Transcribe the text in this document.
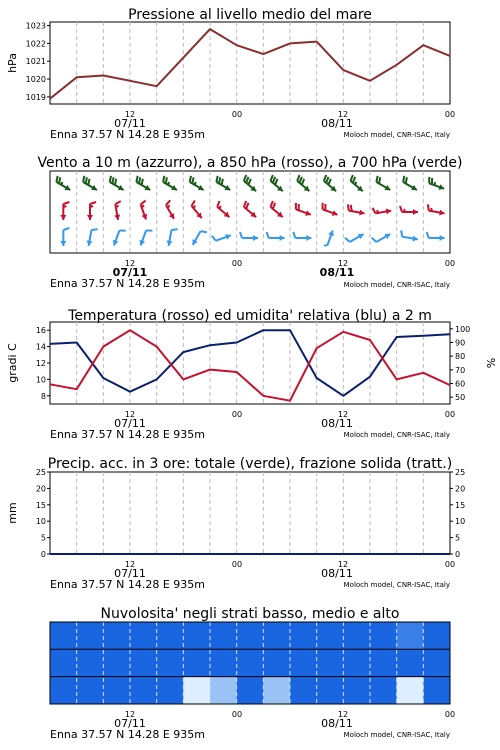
Pressione al livello medio del mare
1019
1020
1021
1022
1023
hPa
12	00	12	00
07/11	08/11
Enna 37.57 N 14.28 E 935m	Moloch model, CNR-ISAC, Italy
Vento a 10 m (azzurro), a 850 hPa (rosso), a 700 hPa (verde)
12	00	12	00
07/11	08/11
Enna 37.57 N 14.28 E 935m	Moloch model, CNR-ISAC, Italy
Temperatura (rosso) ed umidita' relativa (blu) a 2 m
8
10
12
14
16
50
60
70
80
90
100
gradi C	%
12	00	12	00
07/11	08/11
Enna 37.57 N 14.28 E 935m	Moloch model, CNR-ISAC, Italy
Precip. acc. in 3 ore: totale (verde), frazione solida (tratt.)
0
5
10
15
20
25
0
5
10
15
20
25
mm
12	00	12	00
07/11	08/11
Enna 37.57 N 14.28 E 935m	Moloch model, CNR-ISAC, Italy
Nuvolosita' negli strati basso, medio e alto
12	00	12	00
07/11	08/11
Enna 37.57 N 14.28 E 935m	Moloch model, CNR-ISAC, Italy
